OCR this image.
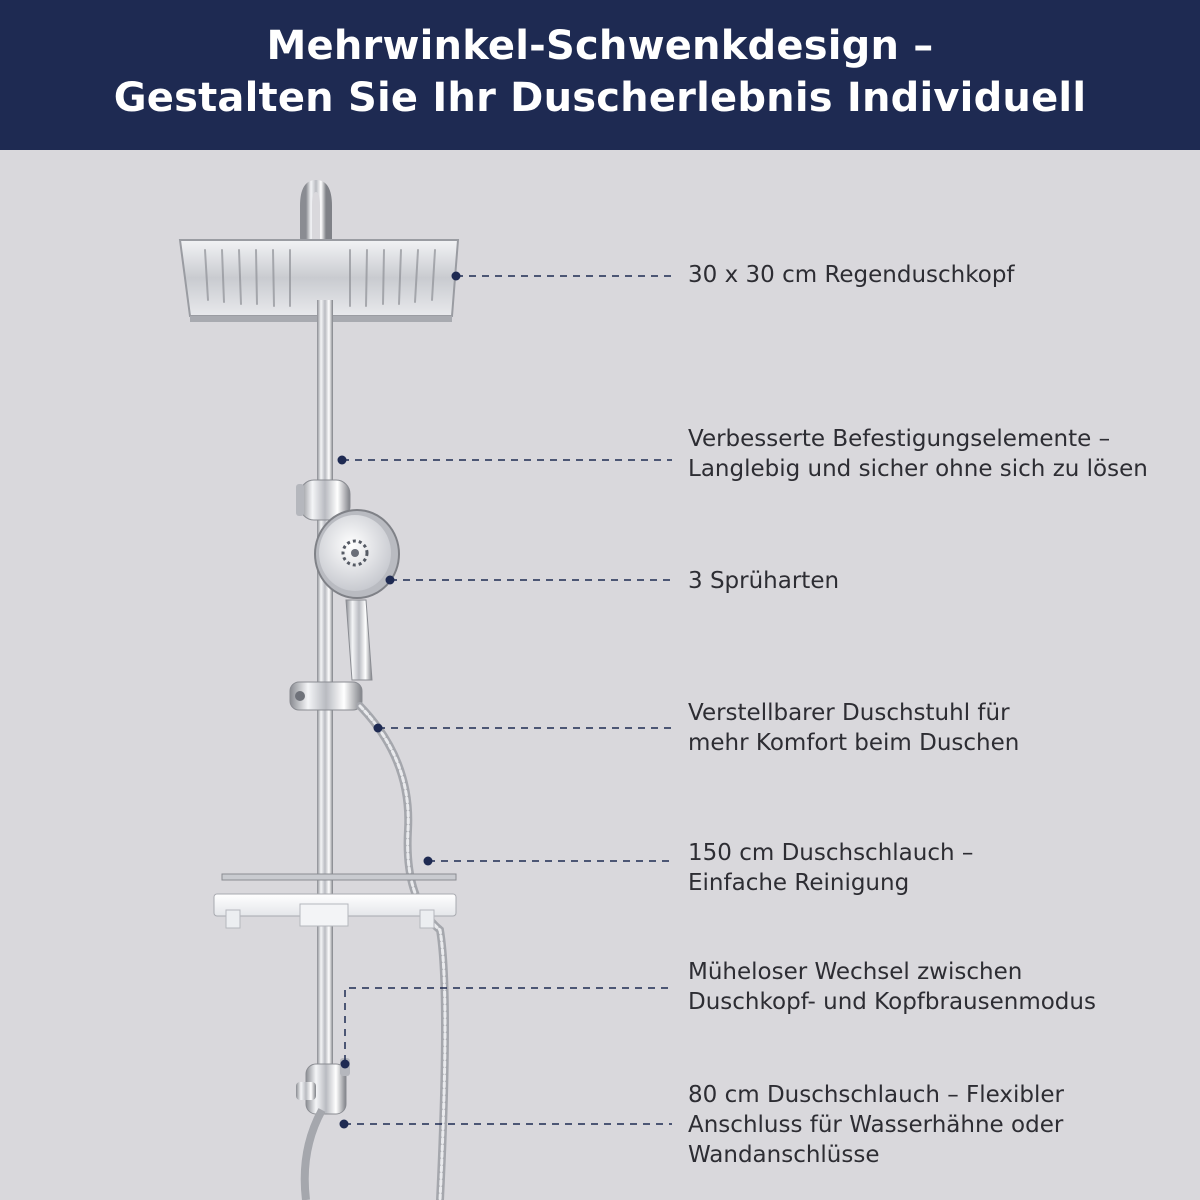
Mehrwinkel-Schwenkdesign –
Gestalten Sie Ihr Duscherlebnis Individuell
30 x 30 cm Regenduschkopf
Verbesserte Befestigungselemente –
Langlebig und sicher ohne sich zu lösen
3 Sprüharten
Verstellbarer Duschstuhl für
mehr Komfort beim Duschen
150 cm Duschschlauch –
Einfache Reinigung
Müheloser Wechsel zwischen
Duschkopf- und Kopfbrausenmodus
80 cm Duschschlauch – Flexibler
Anschluss für Wasserhähne oder
Wandanschlüsse
